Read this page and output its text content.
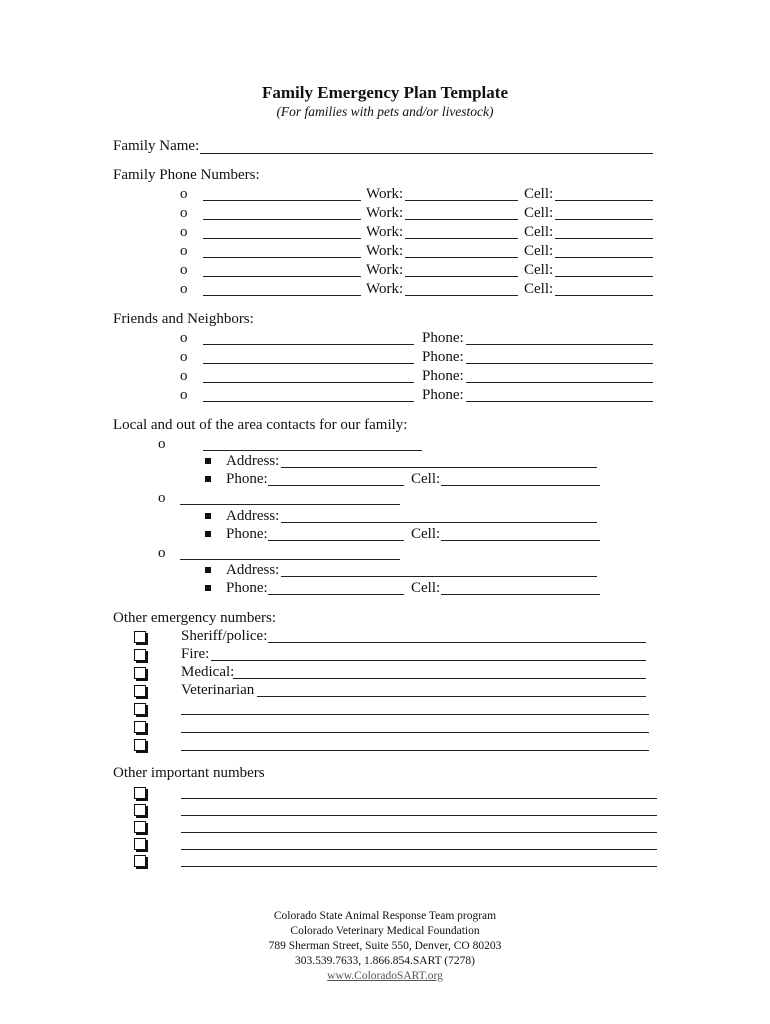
Family Emergency Plan Template
(For families with pets and/or livestock)
Family Name:
Family Phone Numbers:
o	Work:	Cell:
o	Work:	Cell:
o	Work:	Cell:
o	Work:	Cell:
o	Work:	Cell:
o	Work:	Cell:
Friends and Neighbors:
o	Phone:
o	Phone:
o	Phone:
o	Phone:
Local and out of the area contacts for our family:
o
Address:
Phone:	Cell:
o
Address:
Phone:	Cell:
o
Address:
Phone:	Cell:
Other emergency numbers:
Sheriff/police:
Fire:
Medical:
Veterinarian
Other important numbers
Colorado State Animal Response Team program
Colorado Veterinary Medical Foundation
789 Sherman Street, Suite 550, Denver, CO 80203
303.539.7633, 1.866.854.SART (7278)
www.ColoradoSART.org
